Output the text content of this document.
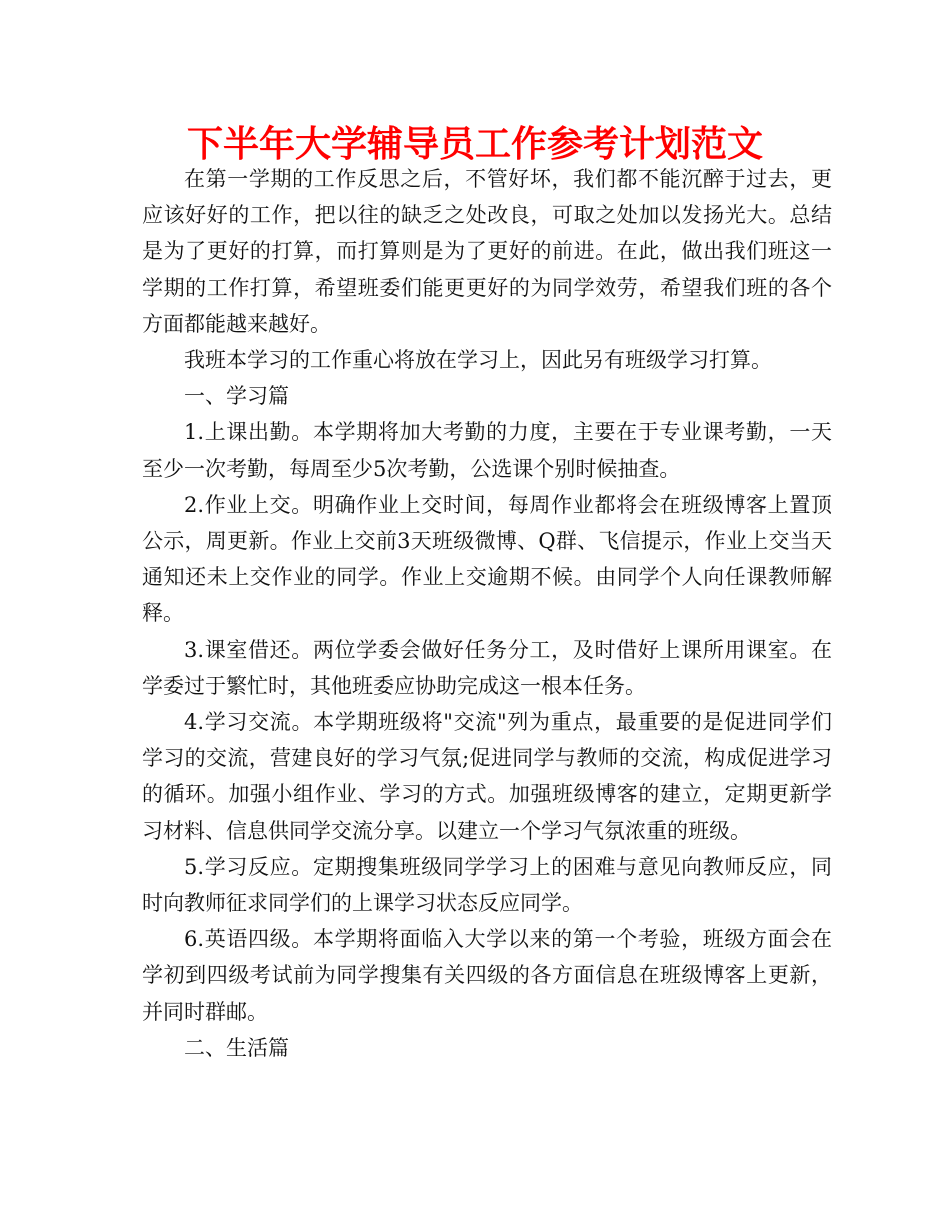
下半年大学辅导员工作参考计划范文

在第一学期的工作反思之后，不管好坏，我们都不能沉醉于过去，更应该好好的工作，把以往的缺乏之处改良，可取之处加以发扬光大。总结是为了更好的打算，而打算则是为了更好的前进。在此，做出我们班这一学期的工作打算，希望班委们能更更好的为同学效劳，希望我们班的各个方面都能越来越好。

我班本学习的工作重心将放在学习上，因此另有班级学习打算。

一、学习篇

1.上课出勤。本学期将加大考勤的力度，主要在于专业课考勤，一天至少一次考勤，每周至少5次考勤，公选课个别时候抽查。

2.作业上交。明确作业上交时间，每周作业都将会在班级博客上置顶公示，周更新。作业上交前3天班级微博、Q群、飞信提示，作业上交当天通知还未上交作业的同学。作业上交逾期不候。由同学个人向任课教师解释。

3.课室借还。两位学委会做好任务分工，及时借好上课所用课室。在学委过于繁忙时，其他班委应协助完成这一根本任务。

4.学习交流。本学期班级将"交流"列为重点，最重要的是促进同学们学习的交流，营建良好的学习气氛;促进同学与教师的交流，构成促进学习的循环。加强小组作业、学习的方式。加强班级博客的建立，定期更新学习材料、信息供同学交流分享。以建立一个学习气氛浓重的班级。

5.学习反应。定期搜集班级同学学习上的困难与意见向教师反应，同时向教师征求同学们的上课学习状态反应同学。

6.英语四级。本学期将面临入大学以来的第一个考验，班级方面会在学初到四级考试前为同学搜集有关四级的各方面信息在班级博客上更新，并同时群邮。

二、生活篇
